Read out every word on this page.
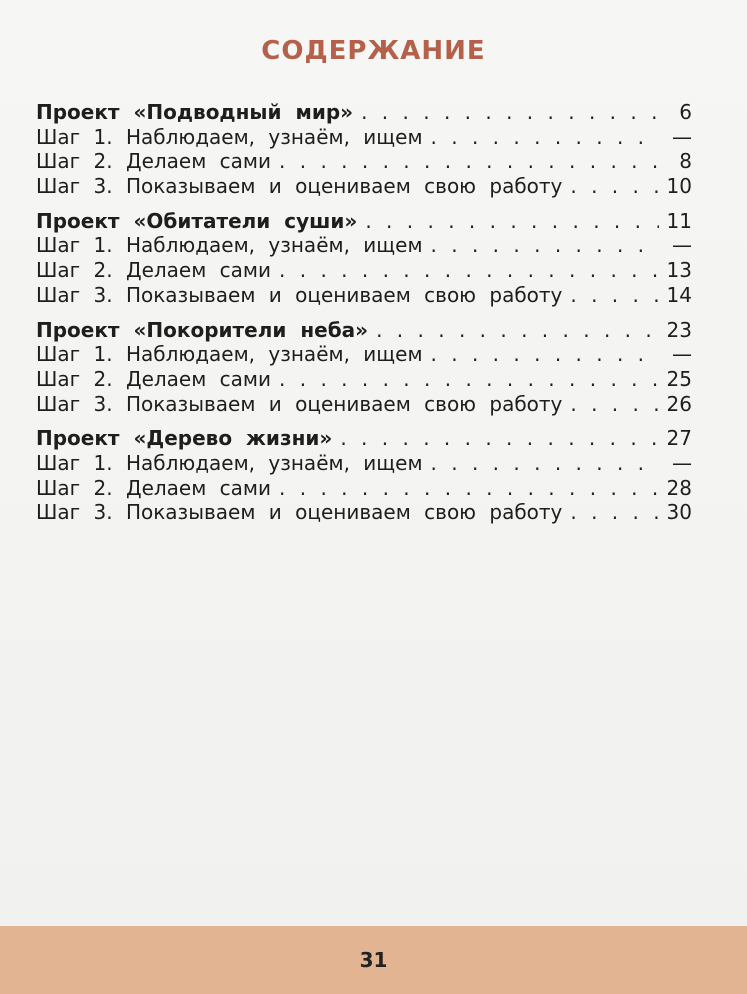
СОДЕРЖАНИЕ
Проект «Подводный мир» . . .	6
Шаг 1. Наблюдаем, узнаём, ищем . . .	—
Шаг 2. Делаем сами . . .	8
Шаг 3. Показываем и оцениваем свою работу . . .	10
Проект «Обитатели суши» . . .	11
Шаг 1. Наблюдаем, узнаём, ищем . . .	—
Шаг 2. Делаем сами . . .	13
Шаг 3. Показываем и оцениваем свою работу . . .	14
Проект «Покорители неба» . . .	23
Шаг 1. Наблюдаем, узнаём, ищем . . .	—
Шаг 2. Делаем сами . . .	25
Шаг 3. Показываем и оцениваем свою работу . . .	26
Проект «Дерево жизни» . . .	27
Шаг 1. Наблюдаем, узнаём, ищем . . .	—
Шаг 2. Делаем сами . . .	28
Шаг 3. Показываем и оцениваем свою работу . . .	30
31
